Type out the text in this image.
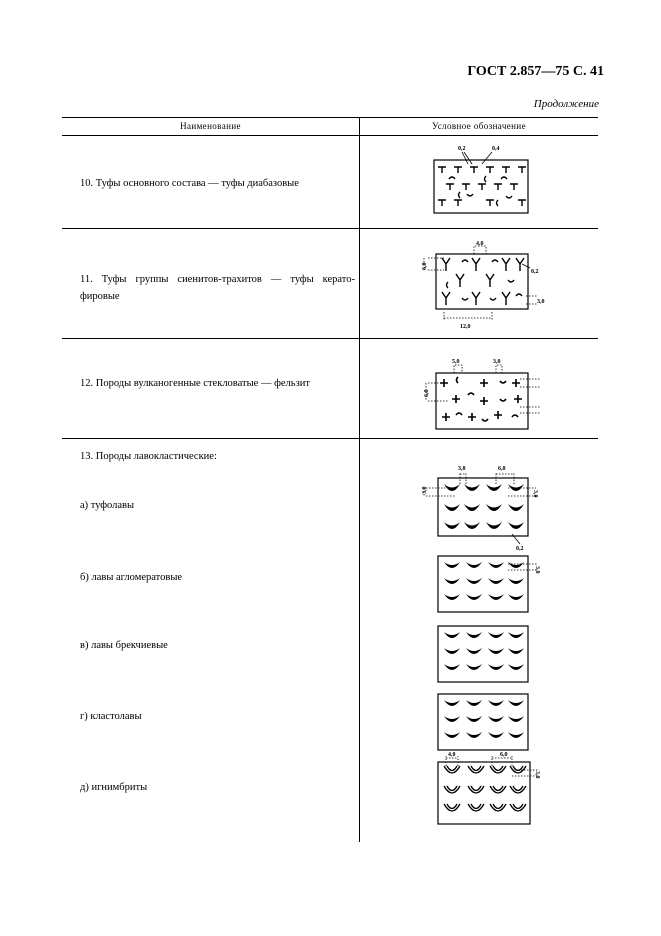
ГОСТ 2.857—75 С. 41
Продолжение
Наименование	Условное обозначение
10. Туфы основного состава — туфы диабазовые
11. Туфы группы сиенитов-трахитов — туфы керато-фировые
12. Породы вулканогенные стекловатые — фельзит
13. Породы лавокластические:
а) туфолавы
б) лавы агломератовые
в) лавы брекчиевые
г) кластолавы
д) игнимбриты
0,2	0,4
4,0
6,0
0,2
3,0
12,0
5,0	3,0
6,0
3,0	6,0
3,0	3,0
0,2
3,0
4,0	6,0
3,0
